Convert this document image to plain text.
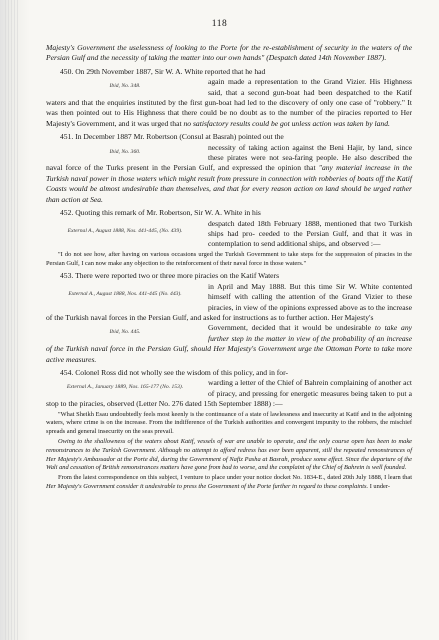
118

Majesty's Government the uselessness of looking to the Porte for the re-establishment of security in the waters of the Persian Gulf and the necessity of taking the matter into our own hands" (Despatch dated 14th November 1887).

450. On 29th November 1887, Sir W. A. White reported that he had

Ibid, No. 348.	again made a representation to the Grand Vizier. His Highness said, that a second gun-boat had been despatched to the Katif waters and that the enquiries instituted by the first gun-boat had led to the discovery of only one case of "robbery." It was then pointed out to His Highness that there could be no doubt as to the number of the piracies reported to Her Majesty's Government, and it was urged that no satisfactory results could be got unless action was taken by land.

451. In December 1887 Mr. Robertson (Consul at Basrah) pointed out the

Ibid, No. 360.	necessity of taking action against the Beni Hajir, by land, since these pirates were not sea-faring people. He also described the naval force of the Turks present in the Persian Gulf, and expressed the opinion that "any material increase in the Turkish naval power in those waters which might result from pressure in connection with robberies of boats off the Katif Coasts would be almost undesirable than themselves, and that for every reason action on land should be urged rather than action at Sea.

452. Quoting this remark of Mr. Robertson, Sir W. A. White in his

External A., August 1888, Nos. 441-445, (No. 439).
despatch dated 18th February 1888, mentioned that two Turkish ships had pro- ceeded to the Persian Gulf, and that it was in contemplation to send additional ships, and observed :—

"I do not see how, after having on various occasions urged the Turkish Government to take steps for the suppression of piracies in the Persian Gulf, I can now make any objection to the reinforcement of their naval force in those waters."

453. There were reported two or three more piracies on the Katif Waters

External A., August 1888, Nos. 441-445 (No. 443).
in April and May 1888. But this time Sir W. White contented himself with calling the attention of the Grand Vizier to these piracies, in view of the opinions expressed above as to the increase of the Turkish naval forces in the Persian Gulf, and asked for instructions as to further action. Her Majesty's

Ibid, No. 445.	Government, decided that it would be undesirable to take any further step in the matter in view of the probability of an increase of the Turkish naval force in the Persian Gulf, should Her Majesty's Government urge the Ottoman Porte to take more active measures.

454. Colonel Ross did not wholly see the wisdom of this policy, and in for-

External A., January 1889, Nos. 165-177 (No. 153).	warding a letter of the Chief of Bahrein complaining of another act of piracy, and pressing for energetic measures being taken to put a stop to the piracies, observed (Letter No. 276 dated 15th September 1888) :—

"What Sheikh Esau undoubtedly feels most keenly is the continuance of a state of lawlessness and insecurity at Katif and in the adjoining waters, where crime is on the increase. From the indifference of the Turkish authorities and convergent impunity to the robbers, the mischief spreads and general insecurity on the seas prevail.

Owing to the shallowness of the waters about Katif, vessels of war are unable to operate, and the only course open has been to make remonstrances to the Turkish Government. Although no attempt to afford redress has ever been apparent, still the repeated remonstrances of Her Majesty's Ambassador at the Porte did, during the Government of Nafiz Pasha at Basrah, produce some effect. Since the departure of the Wali and cessation of British remonstrances matters have gone from bad to worse, and the complaint of the Chief of Bahrein is well founded.

From the latest correspondence on this subject, I venture to place under your notice docket No. 1834-E., dated 20th July 1888, I learn that Her Majesty's Government consider it undesirable to press the Government of the Porte further in regard to these complaints. I under-
